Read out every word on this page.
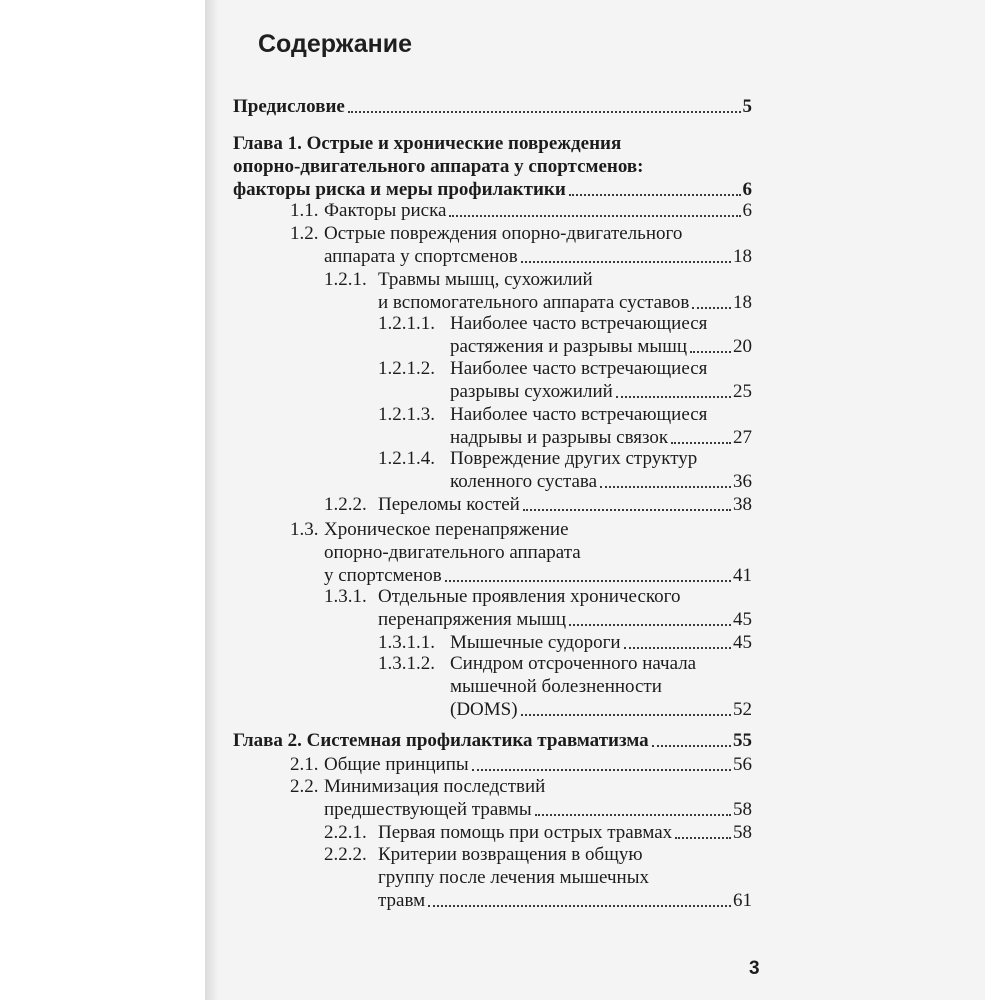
Содержание
Предисловие	5
Глава 1. Острые и хронические повреждения
опорно-двигательного аппарата у спортсменов:
факторы риска и меры профилактики	6
1.1. Факторы риска	6
1.2. Острые повреждения опорно-двигательного
аппарата у спортсменов	18
1.2.1. Травмы мышц, сухожилий
и вспомогательного аппарата суставов 18
1.2.1.1. Наиболее часто встречающиеся
растяжения и разрывы мышц 20
1.2.1.2. Наиболее часто встречающиеся
разрывы сухожилий	25
1.2.1.3. Наиболее часто встречающиеся
надрывы и разрывы связок	27
1.2.1.4. Повреждение других структур
коленного сустава	36
1.2.2. Переломы костей	38
1.3. Хроническое перенапряжение
опорно-двигательного аппарата
у спортсменов	41
1.3.1. Отдельные проявления хронического
перенапряжения мышц	45
1.3.1.1. Мышечные судороги	45
1.3.1.2. Синдром отсроченного начала
мышечной болезненности
(DOMS)	52
Глава 2. Системная профилактика травматизма	55
2.1. Общие принципы	56
2.2. Минимизация последствий
предшествующей травмы	58
2.2.1. Первая помощь при острых травмах	58
2.2.2. Критерии возвращения в общую
группу после лечения мышечных
травм	61
3
